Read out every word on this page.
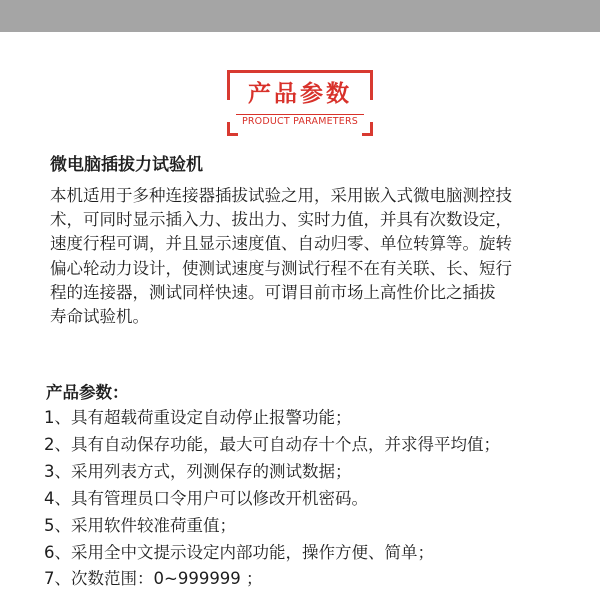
产品参数
PRODUCT PARAMETERS
微电脑插拔力试验机
本机适用于多种连接器插拔试验之用，采用嵌入式微电脑测控技
术，可同时显示插入力、拔出力、实时力值，并具有次数设定，
速度行程可调，并且显示速度值、自动归零、单位转算等。旋转
偏心轮动力设计，使测试速度与测试行程不在有关联、长、短行
程的连接器，测试同样快速。可谓目前市场上高性价比之插拔
寿命试验机。
产品参数：
1、具有超载荷重设定自动停止报警功能；
2、具有自动保存功能，最大可自动存十个点，并求得平均值；
3、采用列表方式，列测保存的测试数据；
4、具有管理员口令用户可以修改开机密码。
5、采用软件较准荷重值；
6、采用全中文提示设定内部功能，操作方便、简单；
7、次数范围：0~999999 ；
